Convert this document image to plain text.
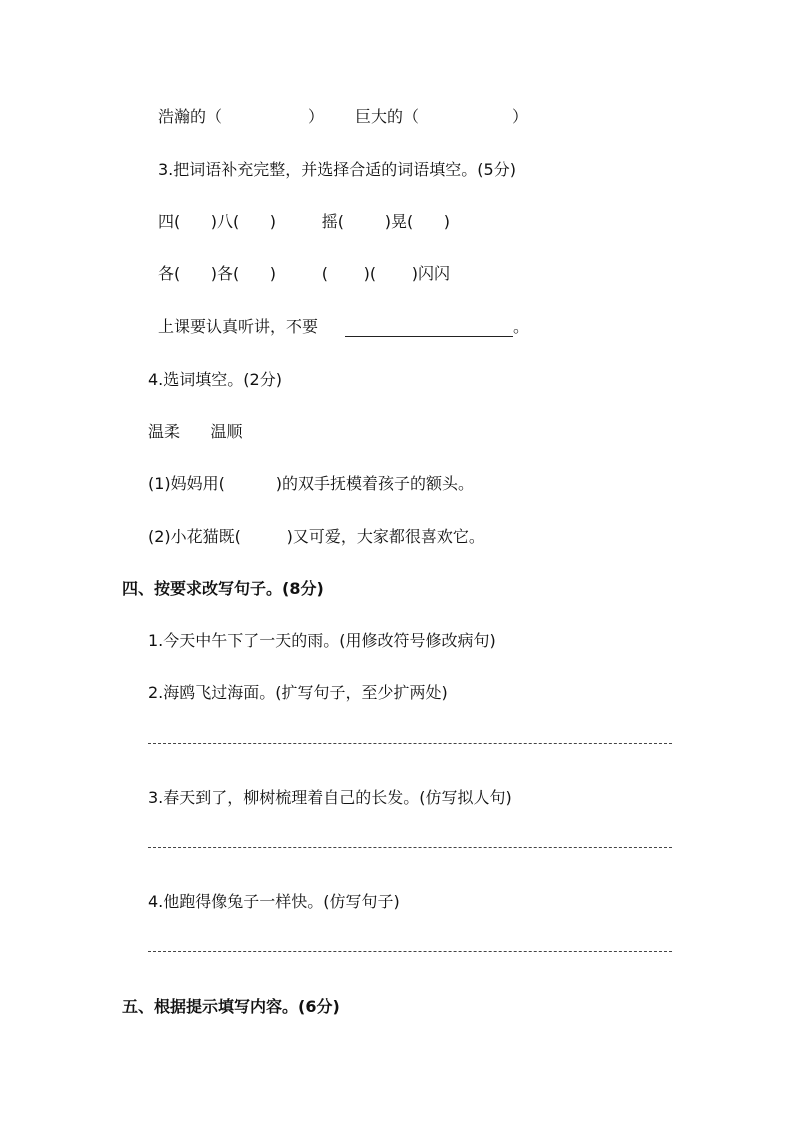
浩瀚的（	） 巨大的（	）
3.把词语补充完整，并选择合适的词语填空。(5分)
四(      )八(      )         摇(        )晃(      )
各(      )各(      )         (       )(       )闪闪
上课要认真听讲，不要	。
4.选词填空。(2分)
温柔      温顺
(1)妈妈用(          )的双手抚模着孩子的额头。
(2)小花猫既(         )又可爱，大家都很喜欢它。
四、按要求改写句子。(8分)
1.今天中午下了一天的雨。(用修改符号修改病句)
2.海鸥飞过海面。(扩写句子，至少扩两处)
3.春天到了，柳树梳理着自己的长发。(仿写拟人句)
4.他跑得像兔子一样快。(仿写句子)
五、根据提示填写内容。(6分)
